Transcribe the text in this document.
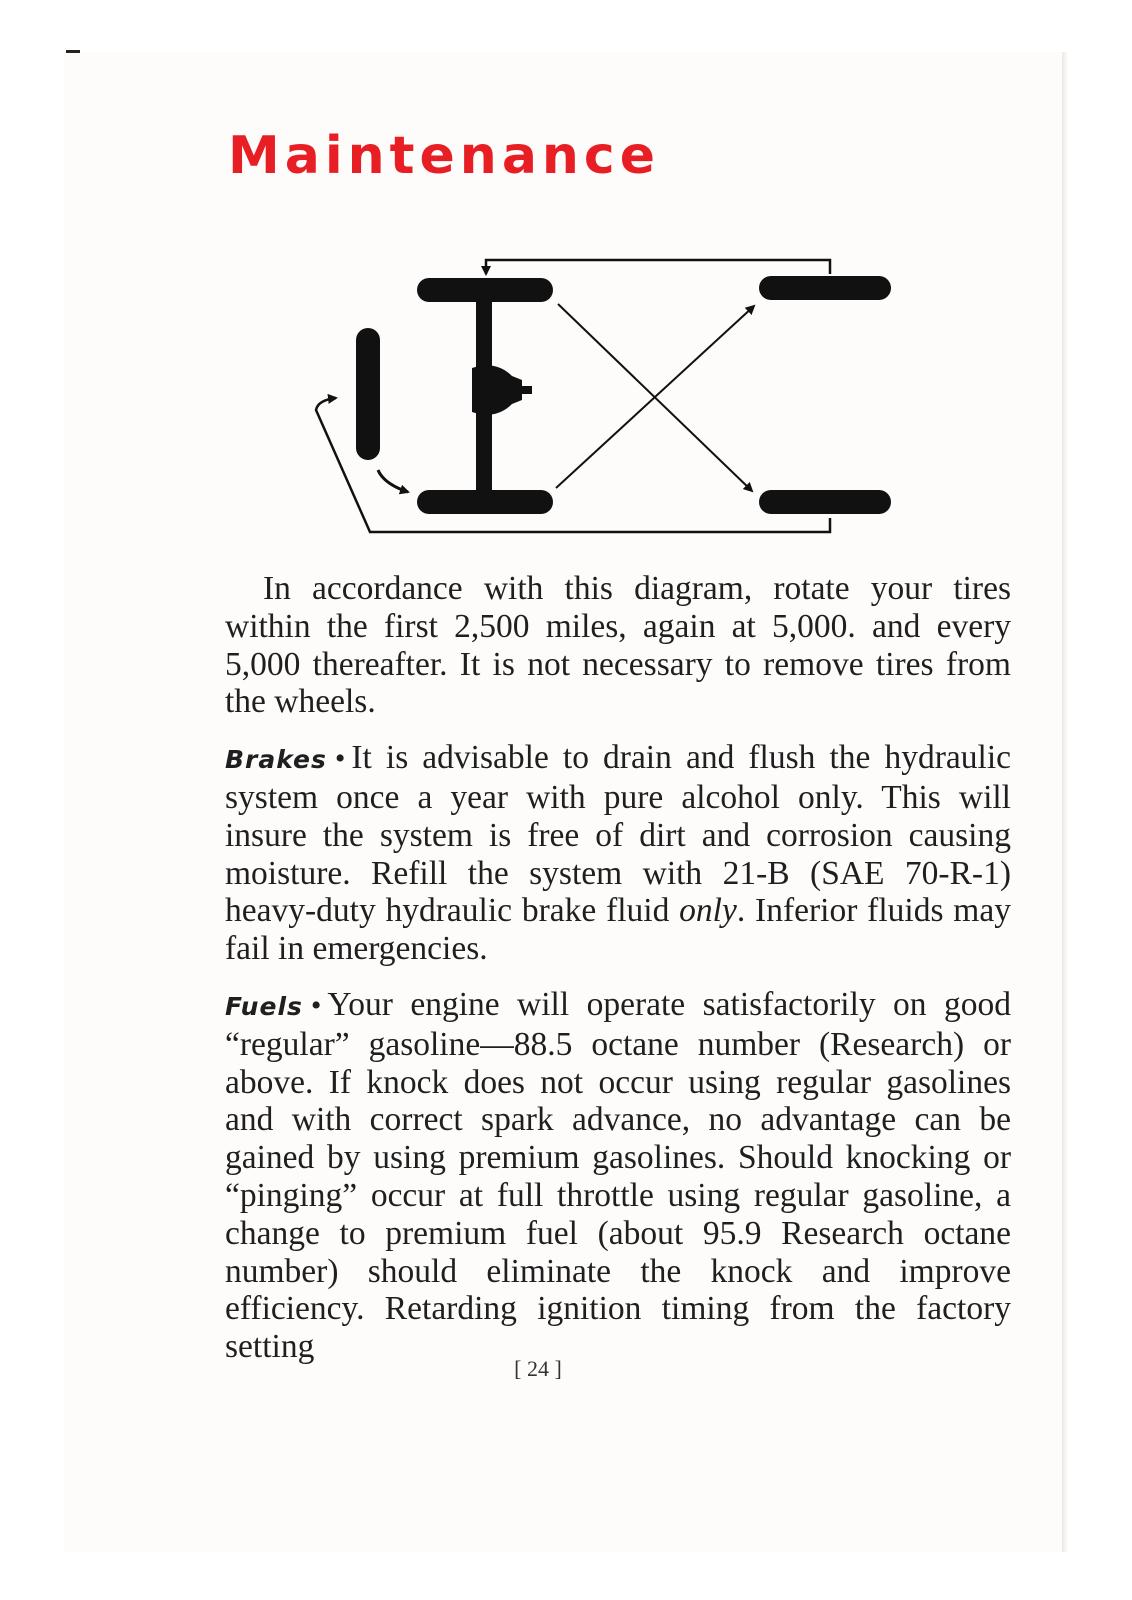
Maintenance

In accordance with this diagram, rotate your tires within the first 2,500 miles, again at 5,000. and every 5,000 thereafter. It is not necessary to remove tires from the wheels.

Brakes • It is advisable to drain and flush the hydraulic system once a year with pure alcohol only. This will insure the system is free of dirt and corrosion causing moisture. Refill the system with 21-B (SAE 70-R-1) heavy-duty hydraulic brake fluid only. Inferior fluids may fail in emergencies.

Fuels • Your engine will operate satisfactorily on good “regular” gasoline—88.5 octane number (Research) or above. If knock does not occur using regular gasolines and with correct spark advance, no advantage can be gained by using premium gasolines. Should knocking or “pinging” occur at full throttle using regular gasoline, a change to premium fuel (about 95.9 Research octane number) should eliminate the knock and improve efficiency. Retarding ignition timing from the factory setting

[ 24 ]
